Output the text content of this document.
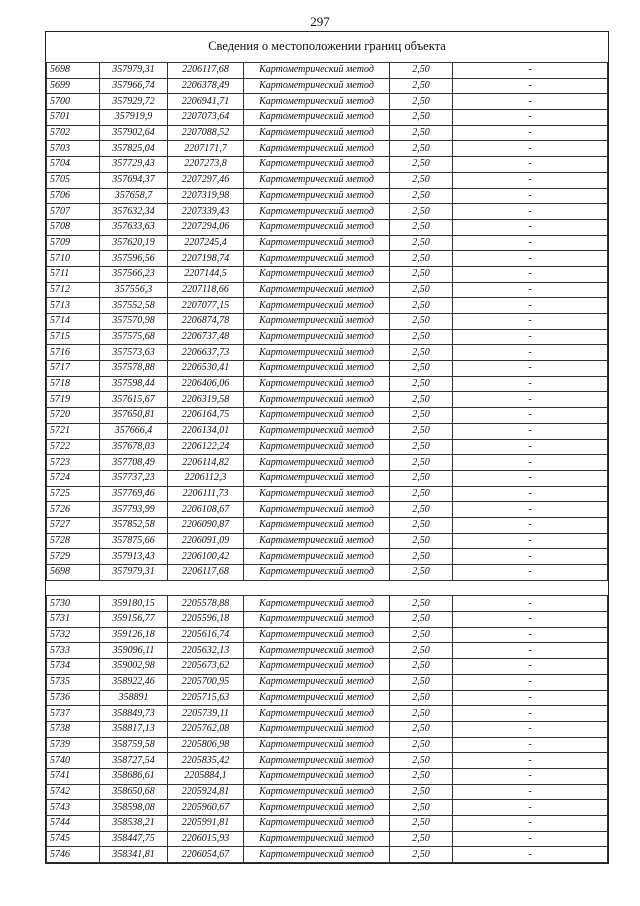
297
Сведения о местоположении границ объекта
5698	357979,31	2206117,68	Картометрический метод	2,50	-
5699	357966,74	2206378,49	Картометрический метод	2,50	-
5700	357929,72	2206941,71	Картометрический метод	2,50	-
5701	357919,9	2207073,64	Картометрический метод	2,50	-
5702	357902,64	2207088,52	Картометрический метод	2,50	-
5703	357825,04	2207171,7	Картометрический метод	2,50	-
5704	357729,43	2207273,8	Картометрический метод	2,50	-
5705	357694,37	2207297,46	Картометрический метод	2,50	-
5706	357658,7	2207319,98	Картометрический метод	2,50	-
5707	357632,34	2207339,43	Картометрический метод	2,50	-
5708	357633,63	2207294,06	Картометрический метод	2,50	-
5709	357620,19	2207245,4	Картометрический метод	2,50	-
5710	357596,56	2207198,74	Картометрический метод	2,50	-
5711	357566,23	2207144,5	Картометрический метод	2,50	-
5712	357556,3	2207118,66	Картометрический метод	2,50	-
5713	357552,58	2207077,15	Картометрический метод	2,50	-
5714	357570,98	2206874,78	Картометрический метод	2,50	-
5715	357575,68	2206737,48	Картометрический метод	2,50	-
5716	357573,63	2206637,73	Картометрический метод	2,50	-
5717	357578,88	2206530,41	Картометрический метод	2,50	-
5718	357598,44	2206406,06	Картометрический метод	2,50	-
5719	357615,67	2206319,58	Картометрический метод	2,50	-
5720	357650,81	2206164,75	Картометрический метод	2,50	-
5721	357666,4	2206134,01	Картометрический метод	2,50	-
5722	357678,03	2206122,24	Картометрический метод	2,50	-
5723	357708,49	2206114,82	Картометрический метод	2,50	-
5724	357737,23	2206112,3	Картометрический метод	2,50	-
5725	357769,46	2206111,73	Картометрический метод	2,50	-
5726	357793,99	2206108,67	Картометрический метод	2,50	-
5727	357852,58	2206090,87	Картометрический метод	2,50	-
5728	357875,66	2206091,09	Картометрический метод	2,50	-
5729	357913,43	2206100,42	Картометрический метод	2,50	-
5698	357979,31	2206117,68	Картометрический метод	2,50	-

5730	359180,15	2205578,88	Картометрический метод	2,50	-
5731	359156,77	2205596,18	Картометрический метод	2,50	-
5732	359126,18	2205616,74	Картометрический метод	2,50	-
5733	359096,11	2205632,13	Картометрический метод	2,50	-
5734	359002,98	2205673,62	Картометрический метод	2,50	-
5735	358922,46	2205700,95	Картометрический метод	2,50	-
5736	358891	2205715,63	Картометрический метод	2,50	-
5737	358849,73	2205739,11	Картометрический метод	2,50	-
5738	358817,13	2205762,08	Картометрический метод	2,50	-
5739	358759,58	2205806,98	Картометрический метод	2,50	-
5740	358727,54	2205835,42	Картометрический метод	2,50	-
5741	358686,61	2205884,1	Картометрический метод	2,50	-
5742	358650,68	2205924,81	Картометрический метод	2,50	-
5743	358598,08	2205960,67	Картометрический метод	2,50	-
5744	358538,21	2205991,81	Картометрический метод	2,50	-
5745	358447,75	2206015,93	Картометрический метод	2,50	-
5746	358341,81	2206054,67	Картометрический метод	2,50	-
